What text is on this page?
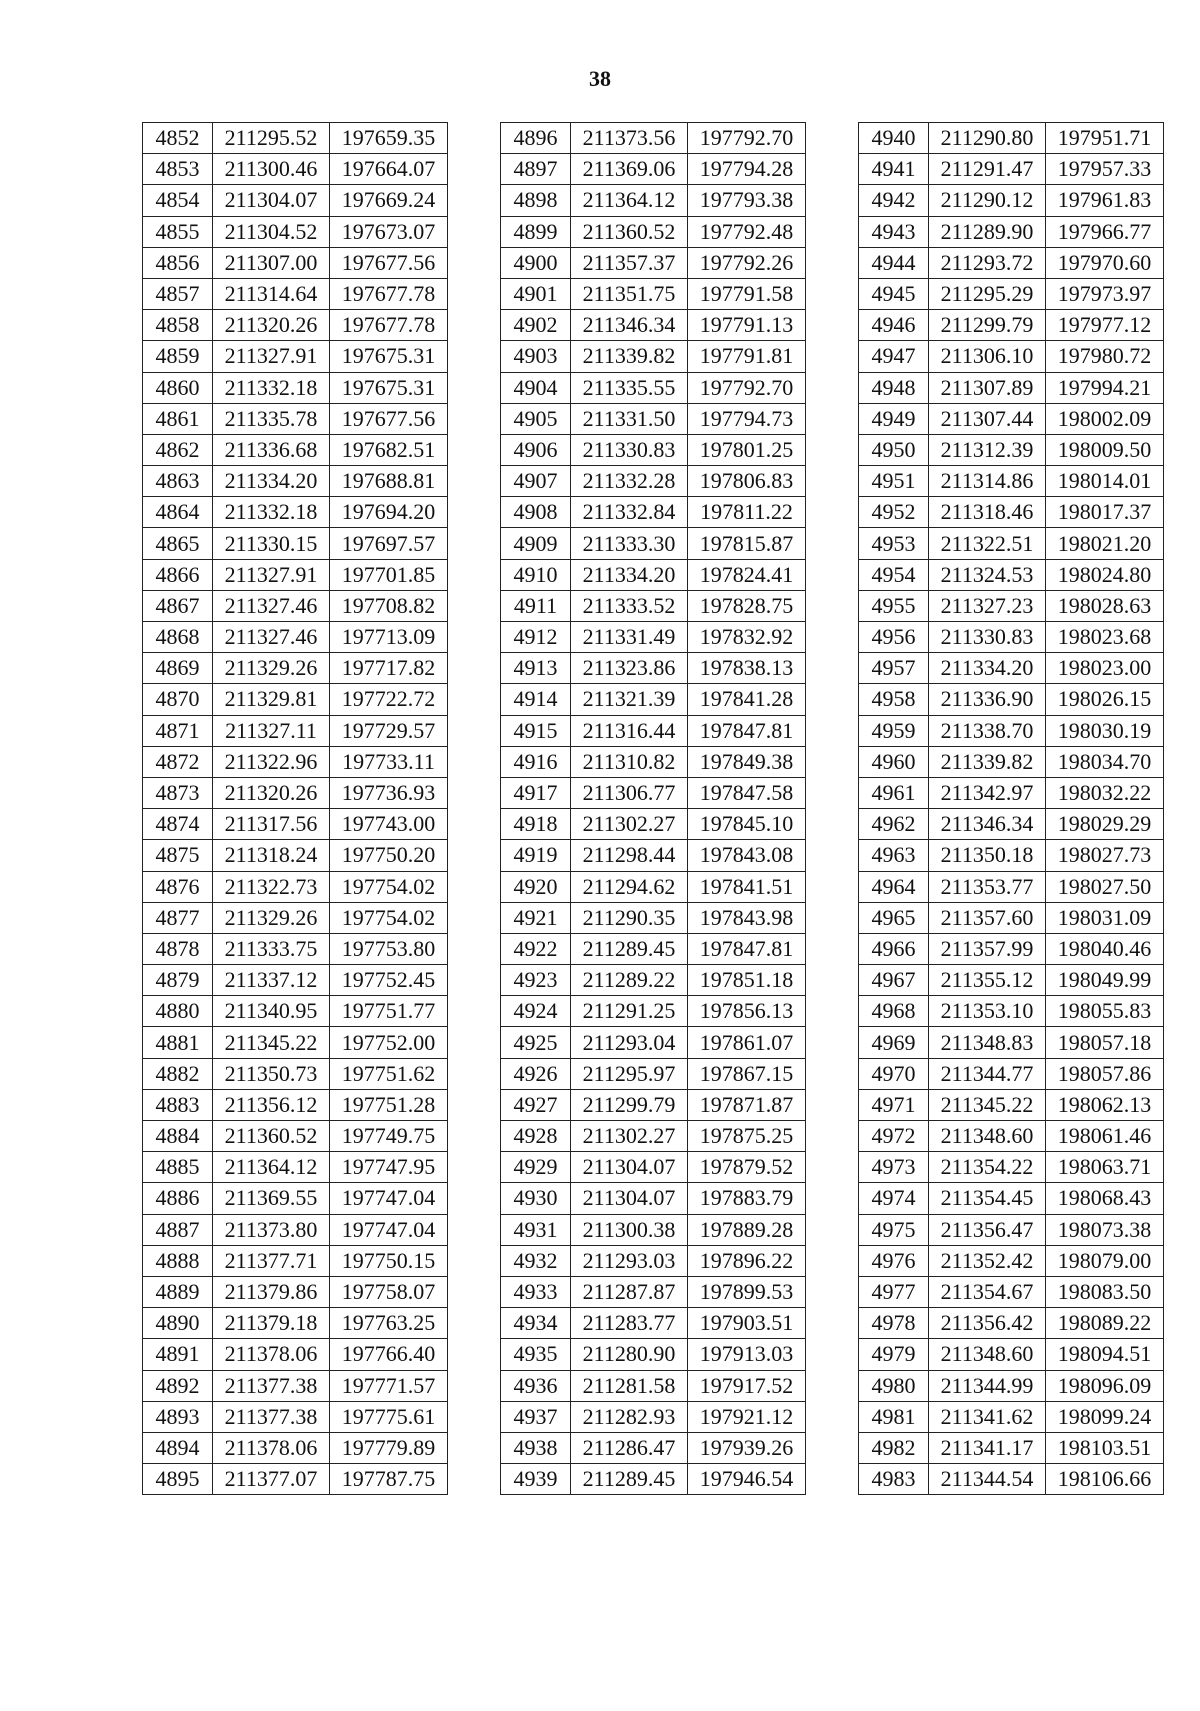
38
4852	211295.52	197659.35
4853	211300.46	197664.07
4854	211304.07	197669.24
4855	211304.52	197673.07
4856	211307.00	197677.56
4857	211314.64	197677.78
4858	211320.26	197677.78
4859	211327.91	197675.31
4860	211332.18	197675.31
4861	211335.78	197677.56
4862	211336.68	197682.51
4863	211334.20	197688.81
4864	211332.18	197694.20
4865	211330.15	197697.57
4866	211327.91	197701.85
4867	211327.46	197708.82
4868	211327.46	197713.09
4869	211329.26	197717.82
4870	211329.81	197722.72
4871	211327.11	197729.57
4872	211322.96	197733.11
4873	211320.26	197736.93
4874	211317.56	197743.00
4875	211318.24	197750.20
4876	211322.73	197754.02
4877	211329.26	197754.02
4878	211333.75	197753.80
4879	211337.12	197752.45
4880	211340.95	197751.77
4881	211345.22	197752.00
4882	211350.73	197751.62
4883	211356.12	197751.28
4884	211360.52	197749.75
4885	211364.12	197747.95
4886	211369.55	197747.04
4887	211373.80	197747.04
4888	211377.71	197750.15
4889	211379.86	197758.07
4890	211379.18	197763.25
4891	211378.06	197766.40
4892	211377.38	197771.57
4893	211377.38	197775.61
4894	211378.06	197779.89
4895	211377.07	197787.75
4896	211373.56	197792.70
4897	211369.06	197794.28
4898	211364.12	197793.38
4899	211360.52	197792.48
4900	211357.37	197792.26
4901	211351.75	197791.58
4902	211346.34	197791.13
4903	211339.82	197791.81
4904	211335.55	197792.70
4905	211331.50	197794.73
4906	211330.83	197801.25
4907	211332.28	197806.83
4908	211332.84	197811.22
4909	211333.30	197815.87
4910	211334.20	197824.41
4911	211333.52	197828.75
4912	211331.49	197832.92
4913	211323.86	197838.13
4914	211321.39	197841.28
4915	211316.44	197847.81
4916	211310.82	197849.38
4917	211306.77	197847.58
4918	211302.27	197845.10
4919	211298.44	197843.08
4920	211294.62	197841.51
4921	211290.35	197843.98
4922	211289.45	197847.81
4923	211289.22	197851.18
4924	211291.25	197856.13
4925	211293.04	197861.07
4926	211295.97	197867.15
4927	211299.79	197871.87
4928	211302.27	197875.25
4929	211304.07	197879.52
4930	211304.07	197883.79
4931	211300.38	197889.28
4932	211293.03	197896.22
4933	211287.87	197899.53
4934	211283.77	197903.51
4935	211280.90	197913.03
4936	211281.58	197917.52
4937	211282.93	197921.12
4938	211286.47	197939.26
4939	211289.45	197946.54
4940	211290.80	197951.71
4941	211291.47	197957.33
4942	211290.12	197961.83
4943	211289.90	197966.77
4944	211293.72	197970.60
4945	211295.29	197973.97
4946	211299.79	197977.12
4947	211306.10	197980.72
4948	211307.89	197994.21
4949	211307.44	198002.09
4950	211312.39	198009.50
4951	211314.86	198014.01
4952	211318.46	198017.37
4953	211322.51	198021.20
4954	211324.53	198024.80
4955	211327.23	198028.63
4956	211330.83	198023.68
4957	211334.20	198023.00
4958	211336.90	198026.15
4959	211338.70	198030.19
4960	211339.82	198034.70
4961	211342.97	198032.22
4962	211346.34	198029.29
4963	211350.18	198027.73
4964	211353.77	198027.50
4965	211357.60	198031.09
4966	211357.99	198040.46
4967	211355.12	198049.99
4968	211353.10	198055.83
4969	211348.83	198057.18
4970	211344.77	198057.86
4971	211345.22	198062.13
4972	211348.60	198061.46
4973	211354.22	198063.71
4974	211354.45	198068.43
4975	211356.47	198073.38
4976	211352.42	198079.00
4977	211354.67	198083.50
4978	211356.42	198089.22
4979	211348.60	198094.51
4980	211344.99	198096.09
4981	211341.62	198099.24
4982	211341.17	198103.51
4983	211344.54	198106.66
